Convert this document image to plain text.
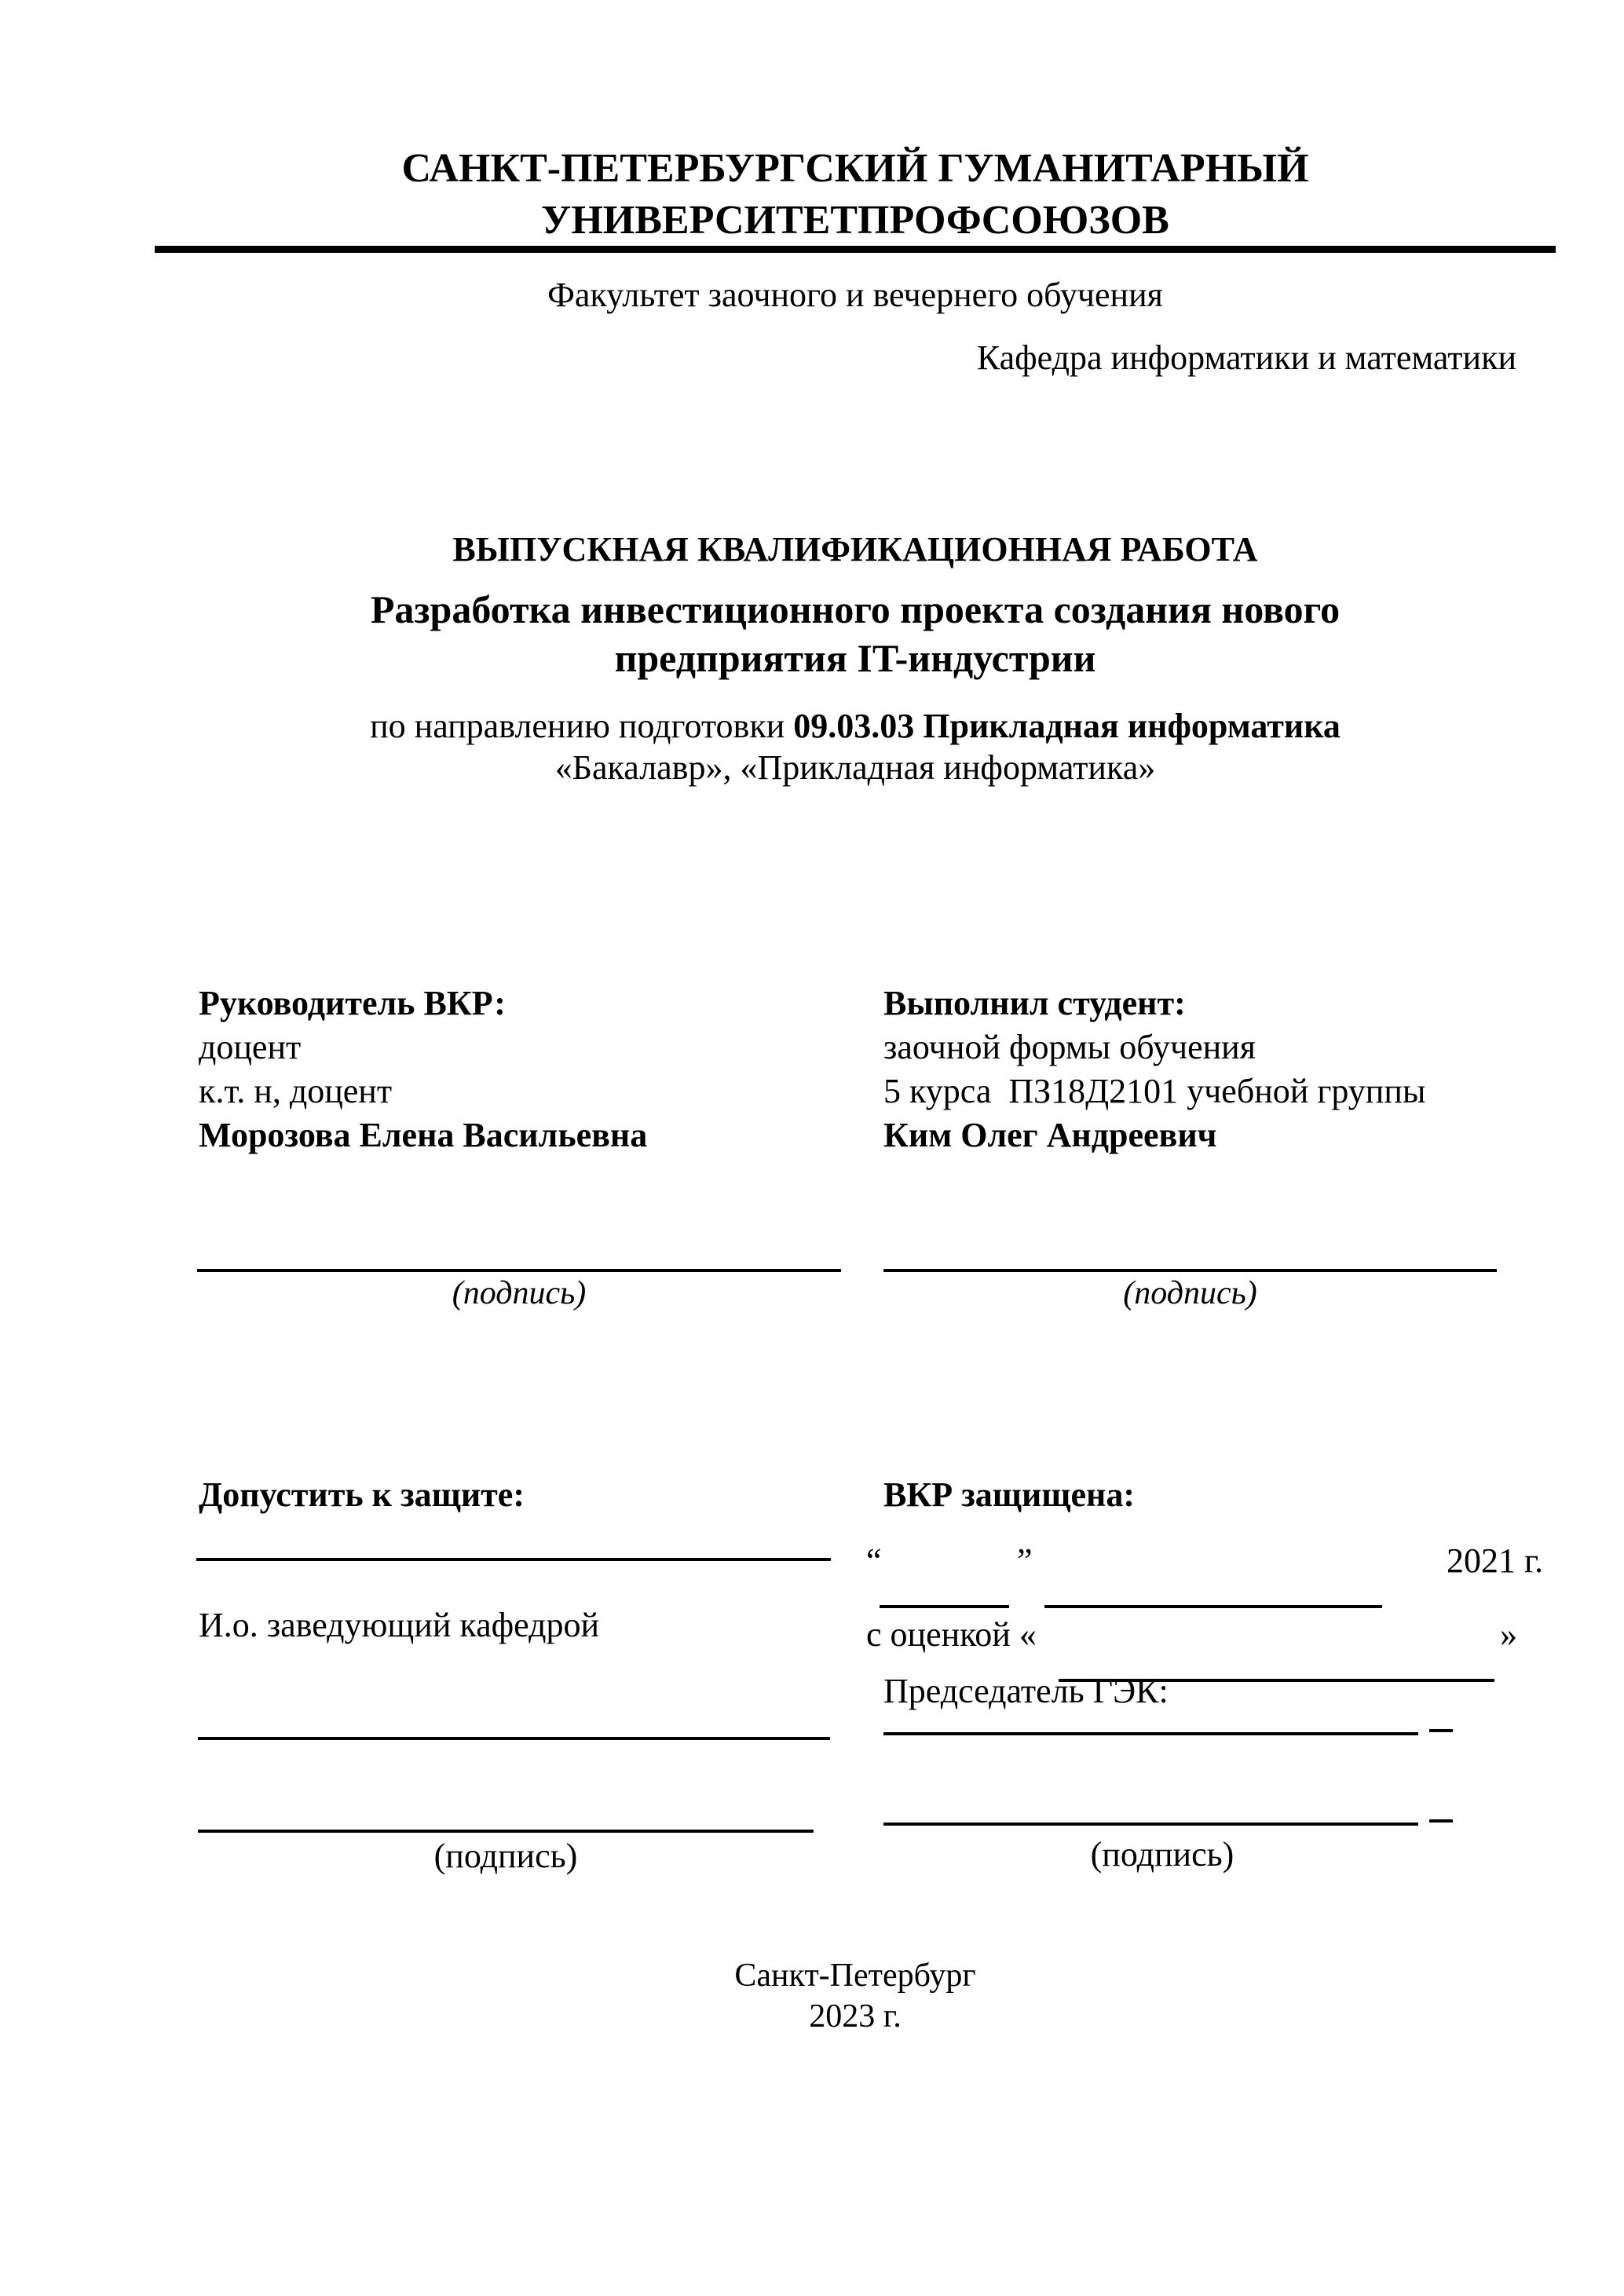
САНКТ-ПЕТЕРБУРГСКИЙ ГУМАНИТАРНЫЙ
УНИВЕРСИТЕТПРОФСОЮЗОВ
Факультет заочного и вечернего обучения
Кафедра информатики и математики
ВЫПУСКНАЯ КВАЛИФИКАЦИОННАЯ РАБОТА
Разработка инвестиционного проекта создания нового
предприятия IT-индустрии
по направлению подготовки 09.03.03 Прикладная информатика
«Бакалавр», «Прикладная информатика»
Руководитель ВКР:
доцент
к.т. н, доцент
Морозова Елена Васильевна
Выполнил студент:
заочной формы обучения
5 курса  ПЗ18Д2101 учебной группы
Ким Олег Андреевич
(подпись)	(подпись)
Допустить к защите:
И.о. заведующий кафедрой
(подпись)
ВКР защищена:
“	”	2021 г.
с оценкой «	»
Председатель ГЭК:
(подпись)
Санкт-Петербург
2023 г.
